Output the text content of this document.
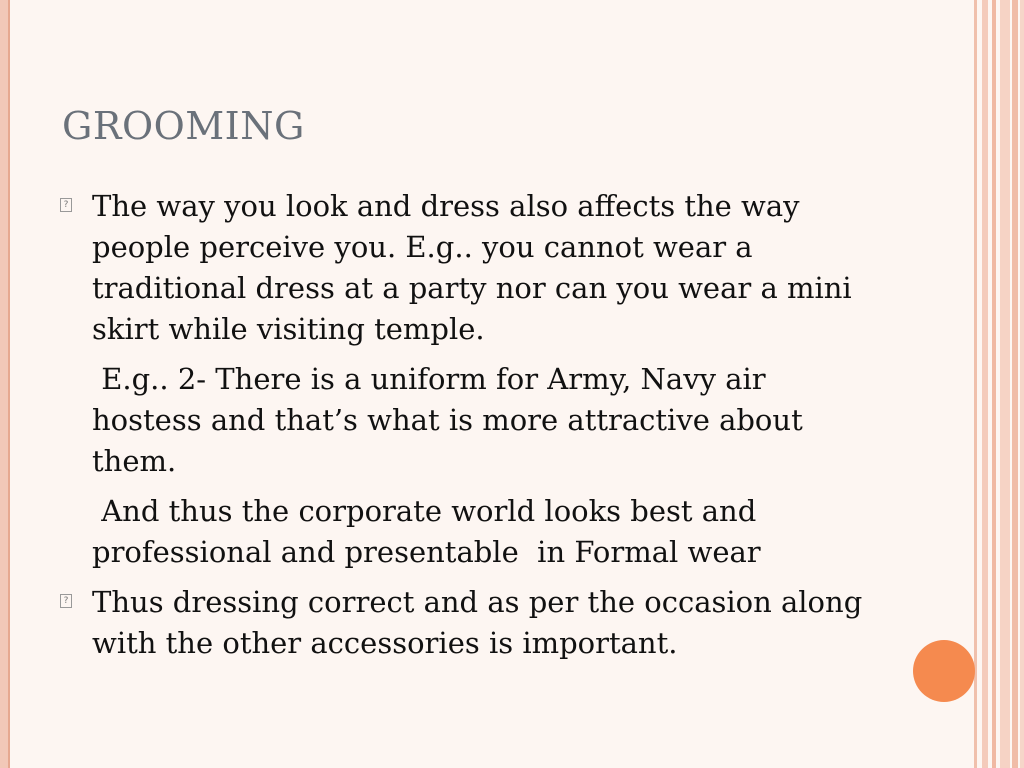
GROOMING
? The way you look and dress also affects the way people perceive you. E.g.. you cannot wear a traditional dress at a party nor can you wear a mini skirt while visiting temple.

E.g.. 2- There is a uniform for Army, Navy air hostess and that’s what is more attractive about them.

And thus the corporate world looks best and professional and presentable  in Formal wear

? Thus dressing correct and as per the occasion along with the other accessories is important.
